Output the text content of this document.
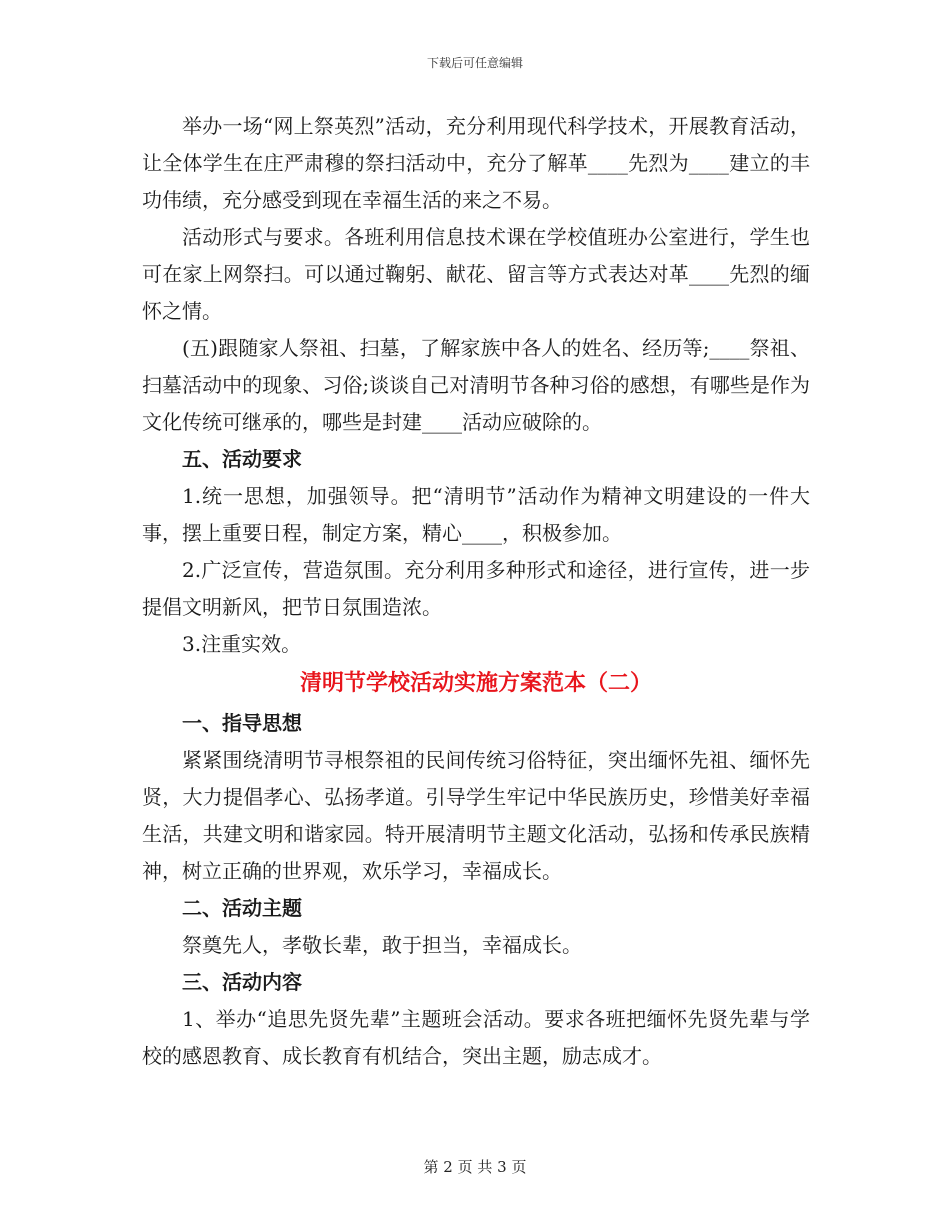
下载后可任意编辑

举办一场“网上祭英烈”活动，充分利用现代科学技术，开展教育活动，让全体学生在庄严肃穆的祭扫活动中，充分了解革____先烈为____建立的丰功伟绩，充分感受到现在幸福生活的来之不易。

活动形式与要求。各班利用信息技术课在学校值班办公室进行，学生也可在家上网祭扫。可以通过鞠躬、献花、留言等方式表达对革____先烈的缅怀之情。

(五)跟随家人祭祖、扫墓，了解家族中各人的姓名、经历等;____祭祖、扫墓活动中的现象、习俗;谈谈自己对清明节各种习俗的感想，有哪些是作为文化传统可继承的，哪些是封建____活动应破除的。

五、活动要求

1.统一思想，加强领导。把“清明节”活动作为精神文明建设的一件大事，摆上重要日程，制定方案，精心____，积极参加。

2.广泛宣传，营造氛围。充分利用多种形式和途径，进行宣传，进一步提倡文明新风，把节日氛围造浓。

3.注重实效。

清明节学校活动实施方案范本（二）

一、指导思想

紧紧围绕清明节寻根祭祖的民间传统习俗特征，突出缅怀先祖、缅怀先贤，大力提倡孝心、弘扬孝道。引导学生牢记中华民族历史，珍惜美好幸福生活，共建文明和谐家园。特开展清明节主题文化活动，弘扬和传承民族精神，树立正确的世界观，欢乐学习，幸福成长。

二、活动主题

祭奠先人，孝敬长辈，敢于担当，幸福成长。

三、活动内容

1、举办“追思先贤先辈”主题班会活动。要求各班把缅怀先贤先辈与学校的感恩教育、成长教育有机结合，突出主题，励志成才。

第 2 页 共 3 页
